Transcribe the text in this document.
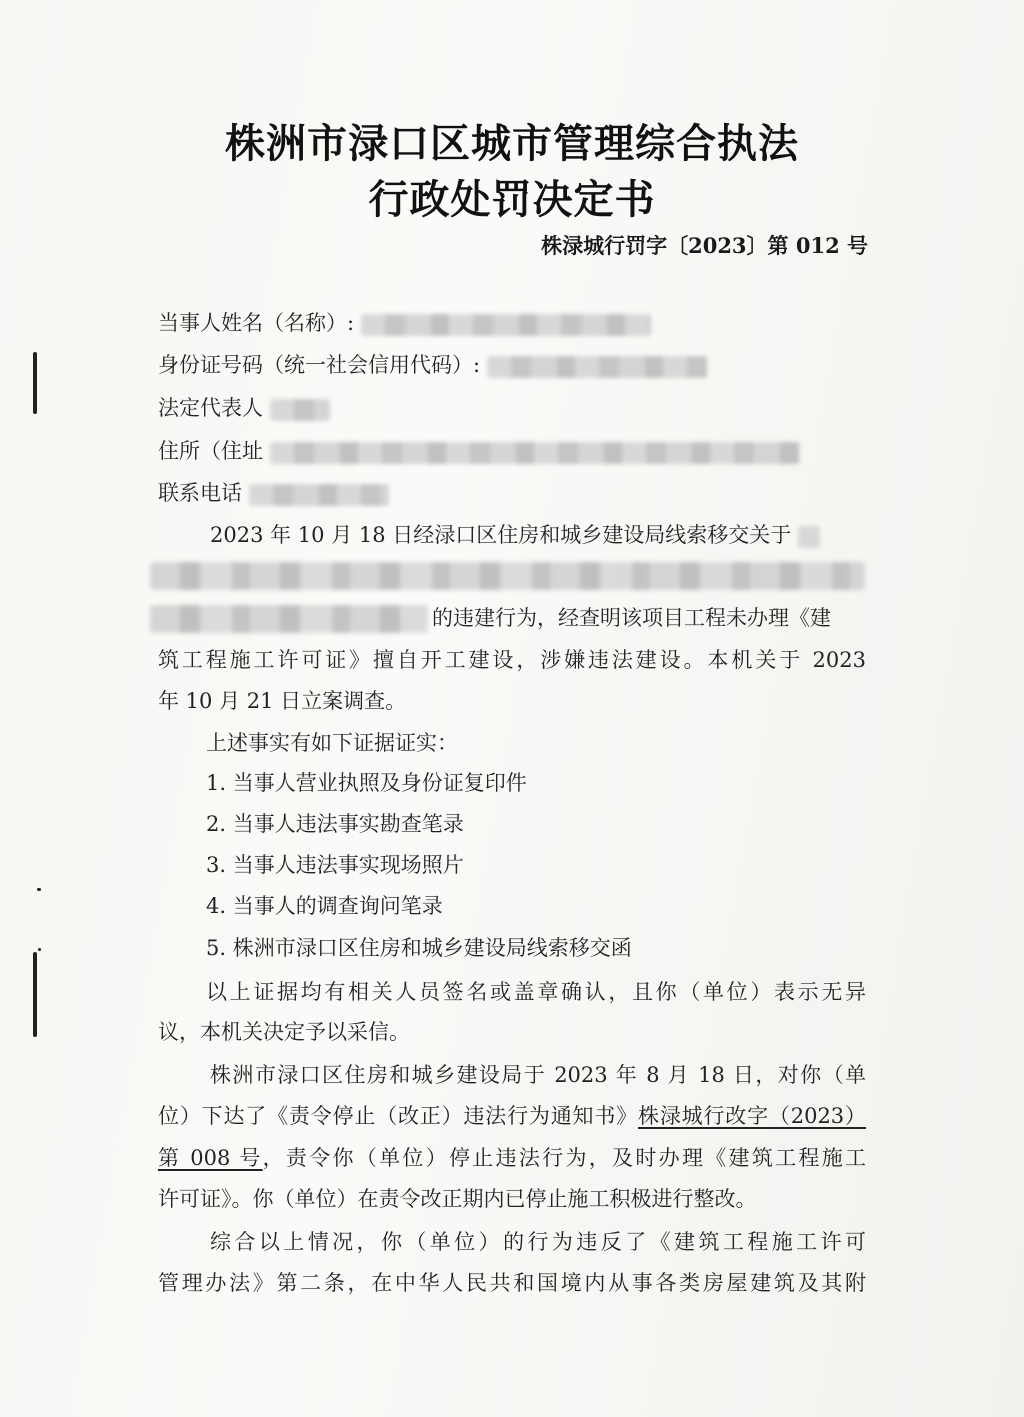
株洲市渌口区城市管理综合执法
行政处罚决定书
株渌城行罚字〔2023〕第 012 号
当事人姓名（名称）:
身份证号码（统一社会信用代码）:
法定代表人
住所（住址
联系电话
2023 年 10 月 18 日经渌口区住房和城乡建设局线索移交关于
的违建行为，经查明该项目工程未办理《建
筑工程施工许可证》擅自开工建设，涉嫌违法建设。本机关于 2023
年 10 月 21 日立案调查。
上述事实有如下证据证实：
1. 当事人营业执照及身份证复印件
2. 当事人违法事实勘查笔录
3. 当事人违法事实现场照片
4. 当事人的调查询问笔录
5. 株洲市渌口区住房和城乡建设局线索移交函
以上证据均有相关人员签名或盖章确认，且你（单位）表示无异
议，本机关决定予以采信。
株洲市渌口区住房和城乡建设局于 2023 年 8 月 18 日，对你（单
位）下达了《责令停止（改正）违法行为通知书》株渌城行改字（2023）
第 008 号，责令你（单位）停止违法行为，及时办理《建筑工程施工
许可证》。你（单位）在责令改正期内已停止施工积极进行整改。
综合以上情况，你（单位）的行为违反了《建筑工程施工许可
管理办法》第二条，在中华人民共和国境内从事各类房屋建筑及其附
